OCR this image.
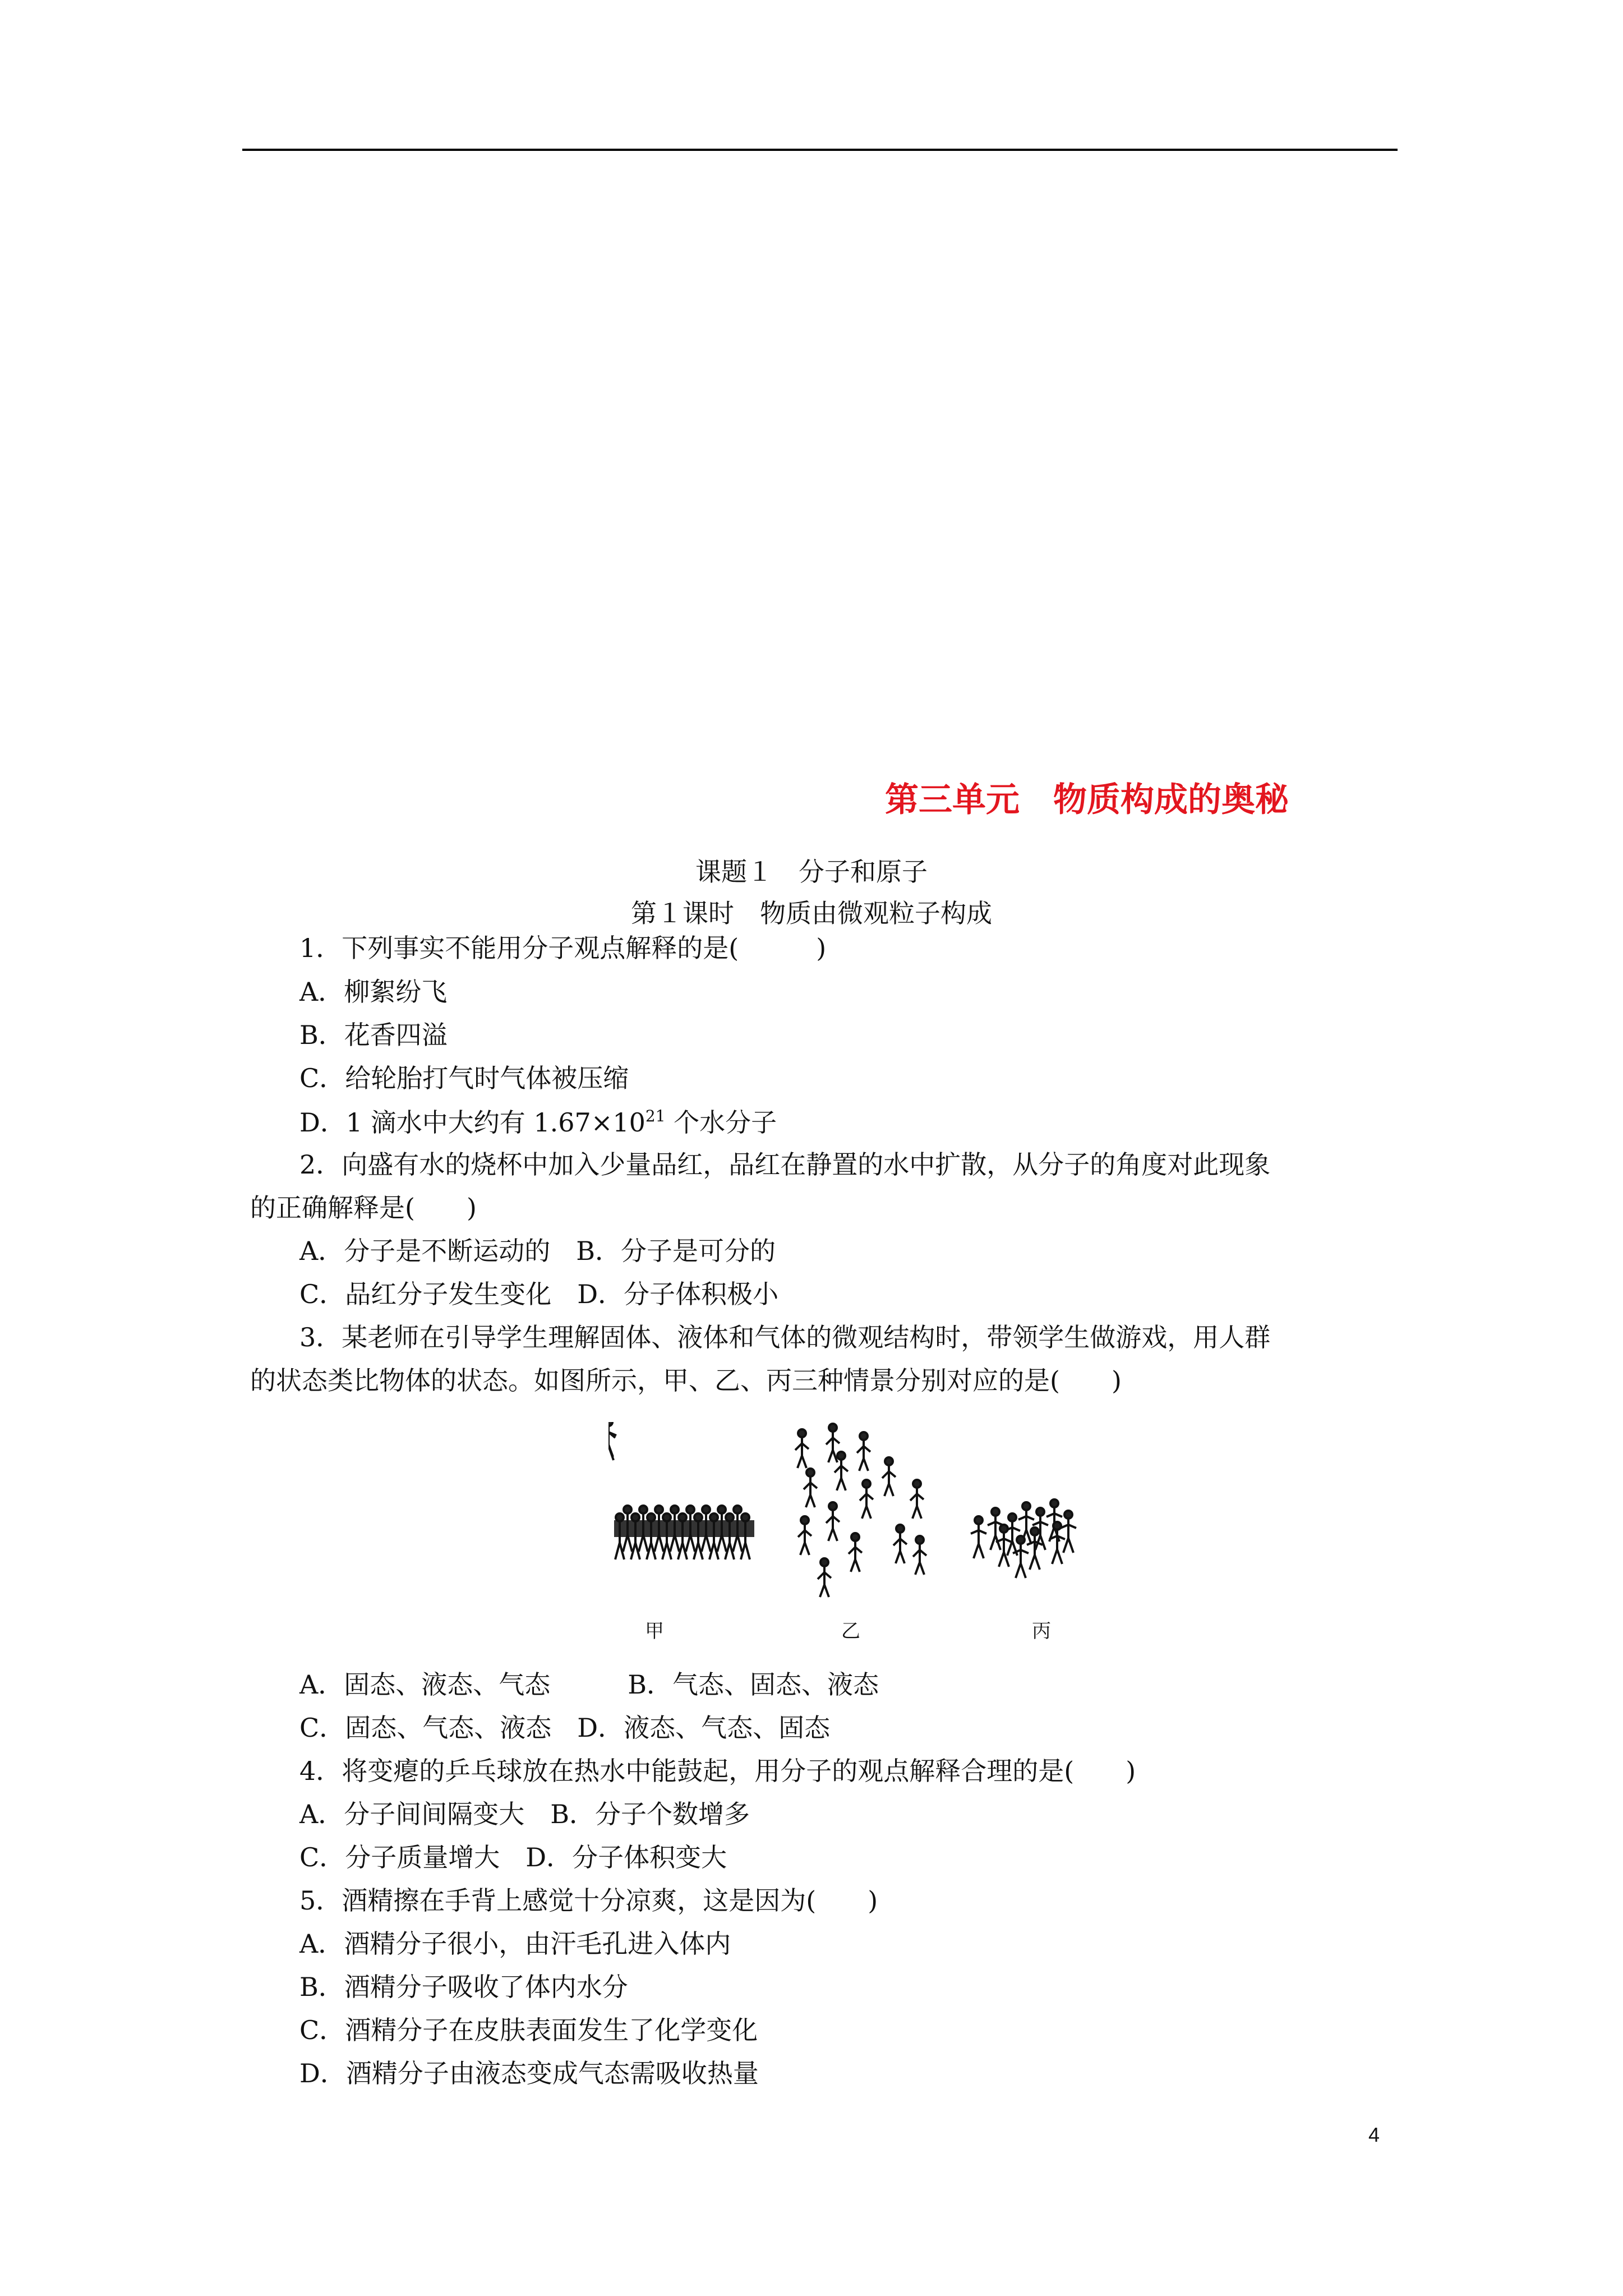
第三单元　物质构成的奥秘
课题１　分子和原子
第１课时　物质由微观粒子构成
1．下列事实不能用分子观点解释的是(　　　)
A．柳絮纷飞
B．花香四溢
C．给轮胎打气时气体被压缩
D．1 滴水中大约有 $1.67\times 10^{21}$ 个水分子
2．向盛有水的烧杯中加入少量品红，品红在静置的水中扩散，从分子的角度对此现象
的正确解释是(　　)
A．分子是不断运动的　B．分子是可分的
C．品红分子发生变化　D．分子体积极小
3．某老师在引导学生理解固体、液体和气体的微观结构时，带领学生做游戏，用人群
的状态类比物体的状态。如图所示，甲、乙、丙三种情景分别对应的是(　　)
甲	乙	丙
A．固态、液态、气态　　　B．气态、固态、液态
C．固态、气态、液态　D．液态、气态、固态
4．将变瘪的乒乓球放在热水中能鼓起，用分子的观点解释合理的是(　　)
A．分子间间隔变大　B．分子个数增多
C．分子质量增大　D．分子体积变大
5．酒精擦在手背上感觉十分凉爽，这是因为(　　)
A．酒精分子很小，由汗毛孔进入体内
B．酒精分子吸收了体内水分
C．酒精分子在皮肤表面发生了化学变化
D．酒精分子由液态变成气态需吸收热量
4
